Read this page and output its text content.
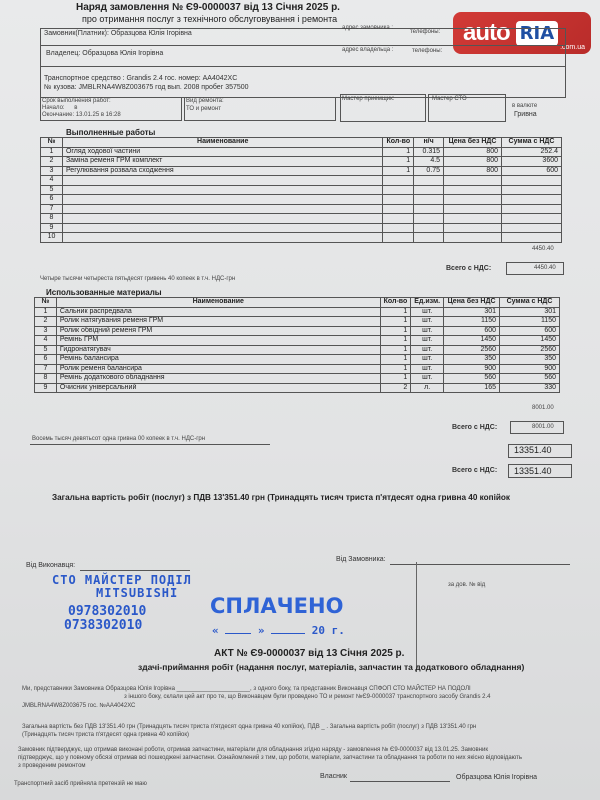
auto RIA
.com.ua
Наряд замовлення № Є9-0000037 від 13 Січня 2025 р.
про отримання послуг з технічного обслуговування і ремонта
Замовник(Платник): Образцова Юлія Ігорівна
адрес замовника :
телефоны:
Владелец: Образцова Юлія Ігорівна	адрес владельца :	телефоны:
Транспортное средство : Grandis 2.4 гос. номер: AA4042XC
№ кузова: JMBLRNA4W8Z003675 год вып. 2008 пробег 357500
Срок выполнения работ:
Начало: в
Окончание: 13.01.25 в 16:28
Вид ремонта:
ТО и ремонт
Мастер приемщик:	Мастер СТО
в валюте
Гривна
Выполненные работы
№	Наименование	Кол-во	н/ч	Цена без НДС	Сумма с НДС
1	Огляд ходової частини	1	0.315	800	252.4
2	Заміна ременя ГРМ комплект	1	4.5	800	3600
3	Регулювання розвала сходження	1	0.75	800	600
4					
5					
6					
7					
8					
9					
10					
4450.40
Четыре тысячи четыреста пятьдесят гривень 40 копеек в т.ч. НДС-грн
Всего с НДС:	4450.40
Использованные материалы
№	Наименование	Кол-во	Ед.изм.	Цена без НДС	Сумма с НДС
1	Сальник распредвала	1	шт.	301	301
2	Ролик натягувания ременя ГРМ	1	шт.	1150	1150
3	Ролик обвідний ременя ГРМ	1	шт.	600	600
4	Ремінь ГРМ	1	шт.	1450	1450
5	Гидронатягувач	1	шт.	2560	2560
6	Ремінь балансира	1	шт.	350	350
7	Ролик ременя балансира	1	шт.	900	900
8	Ремінь додаткового обладнання	1	шт.	560	560
9	Очисник універсальний	2	л.	165	330
8001.00
Всего с НДС:	8001.00
Восемь тысяч девятьсот одна гривна 00 копеек в т.ч. НДС-грн
13351.40
Всего с НДС: 13351.40
Загальна вартість робіт (послуг) з ПДВ 13'351.40 грн (Тринадцять тисяч триста п'ятдесят одна гривна 40 копійок
Від Виконавця:
Від Замовника:
за дов. № від
СТО МАЙСТЕР ПОДІЛ
MITSUBISHI
0978302010
0738302010
СПЛАЧЕНО
«	»	20 г.
АКТ № Є9-0000037 від 13 Січня 2025 р.
здачі-приймання робіт (надання послуг, матеріалів, запчастин та додаткового обладнання)
Ми, представники Замовника Образцова Юлія Ігорівна ______________________, з одного боку, та представник Виконавця СПФОП СТО МАЙСТЕР НА ПОДОЛІ
з іншого боку, склали цей акт про те, що Виконавцем були проведено ТО и ремонт №Є9-0000037 транспортного засобу Grandis 2.4
JMBLRNA4W8Z003675 гос. №АА4042ХС
Загальна вартість без ПДВ 13'351.40 грн (Тринадцять тисяч триста п'ятдесят одна гривна 40 копійок), ПДВ _ . Загальна вартість робіт (послуг) з ПДВ 13'351.40 грн
(Тринадцять тисяч триста п'ятдесят одна гривна 40 копійок)
Замовник підтверджує, що отримав виконані роботи, отримав запчастини, матеріали для обладнання згідно наряду - замовлення № Є9-0000037 від 13.01.25. Замовник
підтверджує, що у повному обсязі отримав всі пошкоджені запчастини. Ознайомлений з тим, що роботи, матеріали, запчастини та обладнання та роботи по них якісно відповідають
з проведеним ремонтом
Транспортний засіб прийняла претензій не маю
Власник	Образцова Юлія Ігорівна
